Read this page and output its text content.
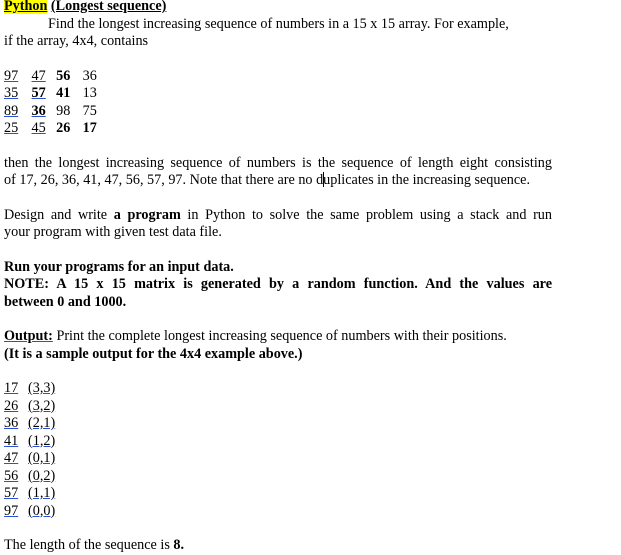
Python (Longest sequence)
Find the longest increasing sequence of numbers in a 15 x 15 array. For example,
if the array, 4x4, contains
97 47 56 36
35 57 41 13
89 36 98 75
25 45 26 17
then the longest increasing sequence of numbers is the sequence of length eight consisting
of 17, 26, 36, 41, 47, 56, 57, 97. Note that there are no duplicates in the increasing sequence.
Design and write a program in Python to solve the same problem using a stack and run
your program with given test data file.
Run your programs for an input data.
NOTE: A 15 x 15 matrix is generated by a random function. And the values are
between 0 and 1000.
Output: Print the complete longest increasing sequence of numbers with their positions.
(It is a sample output for the 4x4 example above.)
17 (3,3)
26 (3,2)
36 (2,1)
41 (1,2)
47 (0,1)
56 (0,2)
57 (1,1)
97 (0,0)
The length of the sequence is 8.
